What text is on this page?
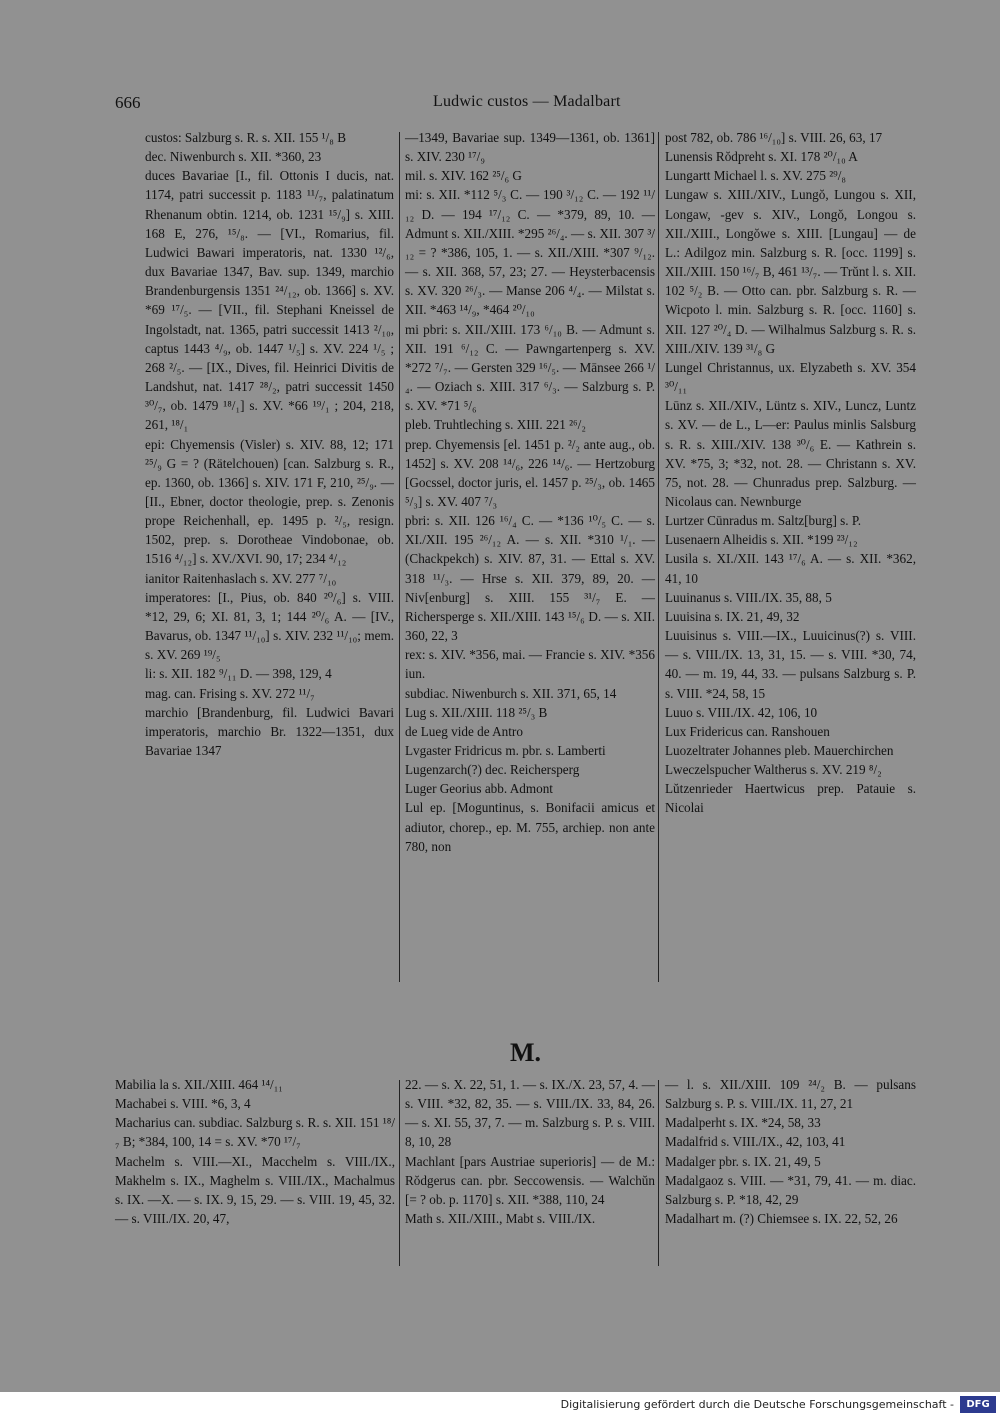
666	Ludwic custos — Madalbart

custos: Salzburg s. R. s. XII. 155 ¹/₈ B

dec. Niwenburch s. XII. *360, 23

duces Bavariae [I., fil. Ottonis I ducis, nat. 1174, patri successit p. 1183 ¹¹/₇, palatinatum Rhenanum obtin. 1214, ob. 1231 ¹⁵/₉] s. XIII. 168 E, 276, ¹⁵/₈. — [VI., Romarius, fil. Ludwici Bawari imperatoris, nat. 1330 ¹²/₆, dux Bavariae 1347, Bav. sup. 1349, marchio Brandenburgensis 1351 ²⁴/₁₂, ob. 1366] s. XV. *69 ¹⁷/₅. — [VII., fil. Stephani Kneissel de Ingolstadt, nat. 1365, patri successit 1413 ²/₁₀, captus 1443 ⁴/₉, ob. 1447 ¹/₅] s. XV. 224 ¹/₅ ; 268 ²/₅. — [IX., Dives, fil. Heinrici Divitis de Landshut, nat. 1417 ²⁸/₂, patri successit 1450 ³⁰/₇, ob. 1479 ¹⁸/₁] s. XV. *66 ¹⁹/₁ ; 204, 218, 261, ¹⁸/₁

epi: Chyemensis (Visler) s. XIV. 88, 12; 171 ²⁵/₉ G = ? (Rätelchouen) [can. Salzburg s. R., ep. 1360, ob. 1366] s. XIV. 171 F, 210, ²⁵/₉. — [II., Ebner, doctor theologie, prep. s. Zenonis prope Reichenhall, ep. 1495 p. ²/₅, resign. 1502, prep. s. Dorotheae Vindobonae, ob. 1516 ⁴/₁₂] s. XV./XVI. 90, 17; 234 ⁴/₁₂

ianitor Raitenhaslach s. XV. 277 ⁷/₁₀

imperatores: [I., Pius, ob. 840 ²⁰/₆] s. VIII. *12, 29, 6; XI. 81, 3, 1; 144 ²⁰/₆ A. — [IV., Bavarus, ob. 1347 ¹¹/₁₀] s. XIV. 232 ¹¹/₁₀; mem. s. XV. 269 ¹⁹/₅

li: s. XII. 182 ⁹/₁₁ D. — 398, 129, 4

mag. can. Frising s. XV. 272 ¹¹/₇

marchio [Brandenburg, fil. Ludwici Bavari imperatoris, marchio Br. 1322—1351, dux Bavariae 1347

—1349, Bavariae sup. 1349—1361, ob. 1361] s. XIV. 230 ¹⁷/₉

mil. s. XIV. 162 ²⁵/₆ G

mi: s. XII. *112 ⁵/₃ C. — 190 ³/₁₂ C. — 192 ¹¹/₁₂ D. — 194 ¹⁷/₁₂ C. — *379, 89, 10. — Admunt s. XII./XIII. *295 ²⁶/₄. — s. XII. 307 ³/₁₂ = ? *386, 105, 1. — s. XII./XIII. *307 ⁹/₁₂. — s. XII. 368, 57, 23; 27. — Heysterbacensis s. XV. 320 ²⁶/₃. — Manse 206 ⁴/₄. — Milstat s. XII. *463 ¹⁴/₉, *464 ²⁰/₁₀

mi pbri: s. XII./XIII. 173 ⁶/₁₀ B. — Admunt s. XII. 191 ⁶/₁₂ C. — Pawngartenperg s. XV. *272 ⁷/₇. — Gersten 329 ¹⁶/₅. — Mānsee 266 ¹/₄. — Oziach s. XIII. 317 ⁶/₃. — Salzburg s. P. s. XV. *71 ⁵/₆

pleb. Truhtleching s. XIII. 221 ²⁶/₂

prep. Chyemensis [el. 1451 p. ²/₂ ante aug., ob. 1452] s. XV. 208 ¹⁴/₆, 226 ¹⁴/₆. — Hertzoburg [Gocssel, doctor juris, el. 1457 p. ²⁵/₃, ob. 1465 ⁵/₃] s. XV. 407 ⁷/₃

pbri: s. XII. 126 ¹⁶/₄ C. — *136 ¹⁰/₅ C. — s. XI./XII. 195 ²⁶/₁₂ A. — s. XII. *310 ¹/₁. — (Chackpekch) s. XIV. 87, 31. — Ettal s. XV. 318 ¹¹/₃. — Hrse s. XII. 379, 89, 20. — Niv[enburg] s. XIII. 155 ³¹/₇ E. — Richersperge s. XII./XIII. 143 ¹⁵/₆ D. — s. XII. 360, 22, 3

rex: s. XIV. *356, mai. — Francie s. XIV. *356 iun.

subdiac. Niwenburch s. XII. 371, 65, 14

Lug s. XII./XIII. 118 ²⁵/₃ B

de Lueg vide de Antro

Lvgaster Fridricus m. pbr. s. Lamberti

Lugenzarch(?) dec. Reichersperg

Luger Georius abb. Admont

Lul ep. [Moguntinus, s. Bonifacii amicus et adiutor, chorep., ep. M. 755, archiep. non ante 780, non

post 782, ob. 786 ¹⁶/₁₀] s. VIII. 26, 63, 17

Lunensis Rŏdpreht s. XI. 178 ²⁰/₁₀ A

Lungartt Michael l. s. XV. 275 ²⁹/₈

Lungaw s. XIII./XIV., Lungŏ, Lungou s. XII, Longaw, -gev s. XIV., Longŏ, Longou s. XII./XIII., Longŏwe s. XIII. [Lungau] — de L.: Adilgoz min. Salzburg s. R. [occ. 1199] s. XII./XIII. 150 ¹⁶/₇ B, 461 ¹³/₇. — Trŭnt l. s. XII. 102 ⁵/₂ B. — Otto can. pbr. Salzburg s. R. — Wicpoto l. min. Salzburg s. R. [occ. 1160] s. XII. 127 ²⁰/₄ D. — Wilhalmus Salzburg s. R. s. XIII./XIV. 139 ³¹/₈ G

Lungel Christannus, ux. Elyzabeth s. XV. 354 ³⁰/₁₁

Lūnz s. XII./XIV., Lüntz s. XIV., Luncz, Luntz s. XV. — de L., L—er: Paulus minlis Salsburg s. R. s. XIII./XIV. 138 ³⁰/₆ E. — Kathrein s. XV. *75, 3; *32, not. 28. — Christann s. XV. 75, not. 28. — Chunradus prep. Salzburg. — Nicolaus can. Newnburge

Lurtzer Cūnradus m. Saltz[burg] s. P.

Lusenaern Alheidis s. XII. *199 ²³/₁₂

Lusila s. XI./XII. 143 ¹⁷/₆ A. — s. XII. *362, 41, 10

Luuinanus s. VIII./IX. 35, 88, 5

Luuisina s. IX. 21, 49, 32

Luuisinus s. VIII.—IX., Luuicinus(?) s. VIII. — s. VIII./IX. 13, 31, 15. — s. VIII. *30, 74, 40. — m. 19, 44, 33. — pulsans Salzburg s. P. s. VIII. *24, 58, 15

Luuo s. VIII./IX. 42, 106, 10

Lux Fridericus can. Ranshouen

Luozeltrater Johannes pleb. Mauerchirchen

Lweczelspucher Waltherus s. XV. 219 ⁸/₂

Lŭtzenrieder Haertwicus prep. Patauie s. Nicolai

M.

Mabilia la s. XII./XIII. 464 ¹⁴/₁₁

Machabei s. VIII. *6, 3, 4

Macharius can. subdiac. Salzburg s. R. s. XII. 151 ¹⁸/₇ B; *384, 100, 14 = s. XV. *70 ¹⁷/₇

Machelm s. VIII.—XI., Macchelm s. VIII./IX., Makhelm s. IX., Maghelm s. VIII./IX., Machalmus s. IX. —X. — s. IX. 9, 15, 29. — s. VIII. 19, 45, 32. — s. VIII./IX. 20, 47,

22. — s. X. 22, 51, 1. — s. IX./X. 23, 57, 4. — s. VIII. *32, 82, 35. — s. VIII./IX. 33, 84, 26. — s. XI. 55, 37, 7. — m. Salzburg s. P. s. VIII. 8, 10, 28

Machlant [pars Austriae superioris] — de M.: Rŏdgerus can. pbr. Seccowensis. — Walchŭn [= ? ob. p. 1170] s. XII. *388, 110, 24

Math s. XII./XIII., Mabt s. VIII./IX.

— l. s. XII./XIII. 109 ²⁴/₂ B. — pulsans Salzburg s. P. s. VIII./IX. 11, 27, 21

Madalperht s. IX. *24, 58, 33

Madalfrid s. VIII./IX., 42, 103, 41

Madalger pbr. s. IX. 21, 49, 5

Madalgaoz s. VIII. — *31, 79, 41. — m. diac. Salzburg s. P. *18, 42, 29

Madalhart m. (?) Chiemsee s. IX. 22, 52, 26

Digitalisierung gefördert durch die Deutsche Forschungsgemeinschaft -	DFG
